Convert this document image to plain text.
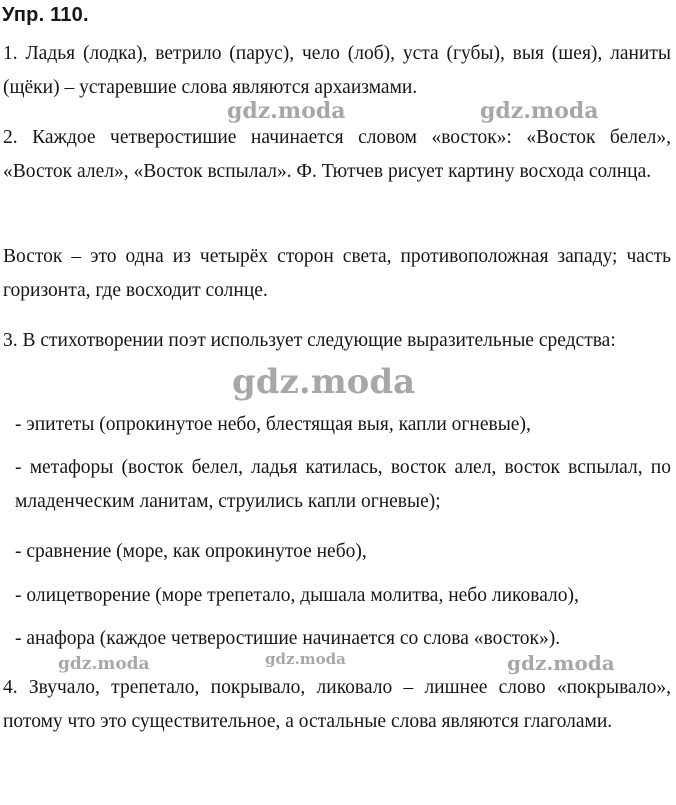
Упр. 110.
1. Ладья (лодка), ветрило (парус), чело (лоб), уста (губы), выя (шея), ланиты (щёки) – устаревшие слова являются архаизмами.
2. Каждое четверостишие начинается словом «восток»: «Восток белел», «Восток алел», «Восток вспылал». Ф. Тютчев рисует картину восхода солнца.
Восток – это одна из четырёх сторон света, противоположная западу; часть горизонта, где восходит солнце.
3. В стихотворении поэт использует следующие выразительные средства:
- эпитеты (опрокинутое небо, блестящая выя, капли огневые),
- метафоры (восток белел, ладья катилась, восток алел, восток вспылал, по младенческим ланитам, струились капли огневые);
- сравнение (море, как опрокинутое небо),
- олицетворение (море трепетало, дышала молитва, небо ликовало),
- анафора (каждое четверостишие начинается со слова «восток»).
4. Звучало, трепетало, покрывало, ликовало – лишнее слово «покрывало», потому что это существительное, а остальные слова являются глаголами.
gdz.moda	gdz.moda
gdz.moda
gdz.moda	gdz.moda	gdz.moda
